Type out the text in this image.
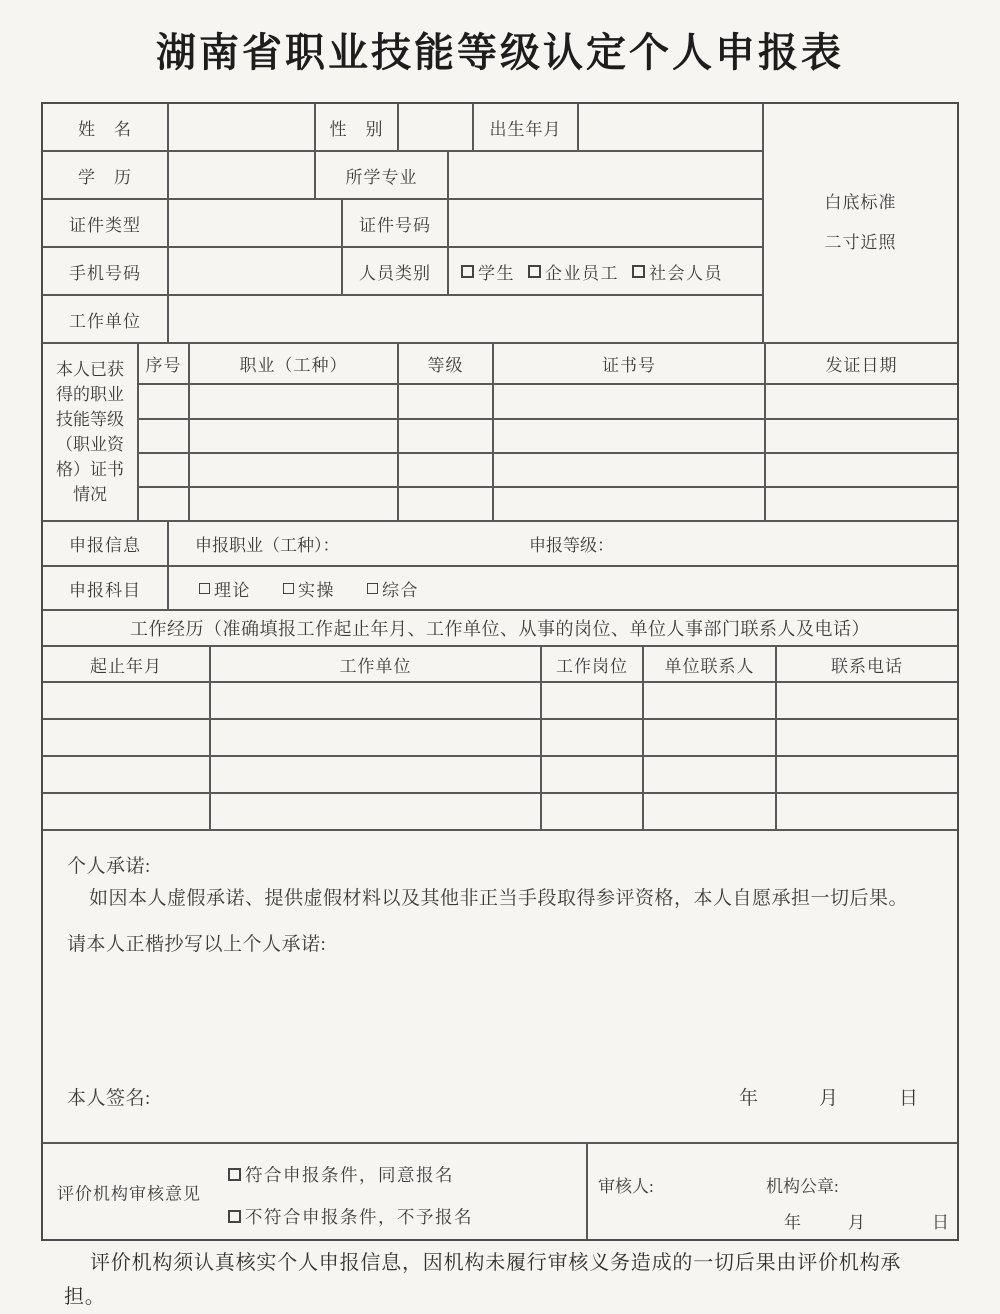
湖南省职业技能等级认定个人申报表
姓　名	性　别	出生年月
学　历	所学专业
证件类型	证件号码
手机号码	人员类别	学生 企业员工 社会人员
工作单位
白底标准
二寸近照
本人已获得的职业技能等级（职业资格）证书情况
序号	职业（工种）	等级	证书号	发证日期
申报信息	申报职业（工种）：	申报等级：
申报科目	理论	实操	综合
工作经历（准确填报工作起止年月、工作单位、从事的岗位、单位人事部门联系人及电话）
起止年月	工作单位	工作岗位	单位联系人	联系电话
个人承诺:
如因本人虚假承诺、提供虚假材料以及其他非正当手段取得参评资格，本人自愿承担一切后果。
请本人正楷抄写以上个人承诺:
本人签名:	年	月	日
评价机构审核意见
符合申报条件，同意报名
不符合申报条件，不予报名
审核人:	机构公章:
年	月	日
评价机构须认真核实个人申报信息，因机构未履行审核义务造成的一切后果由评价机构承担。
